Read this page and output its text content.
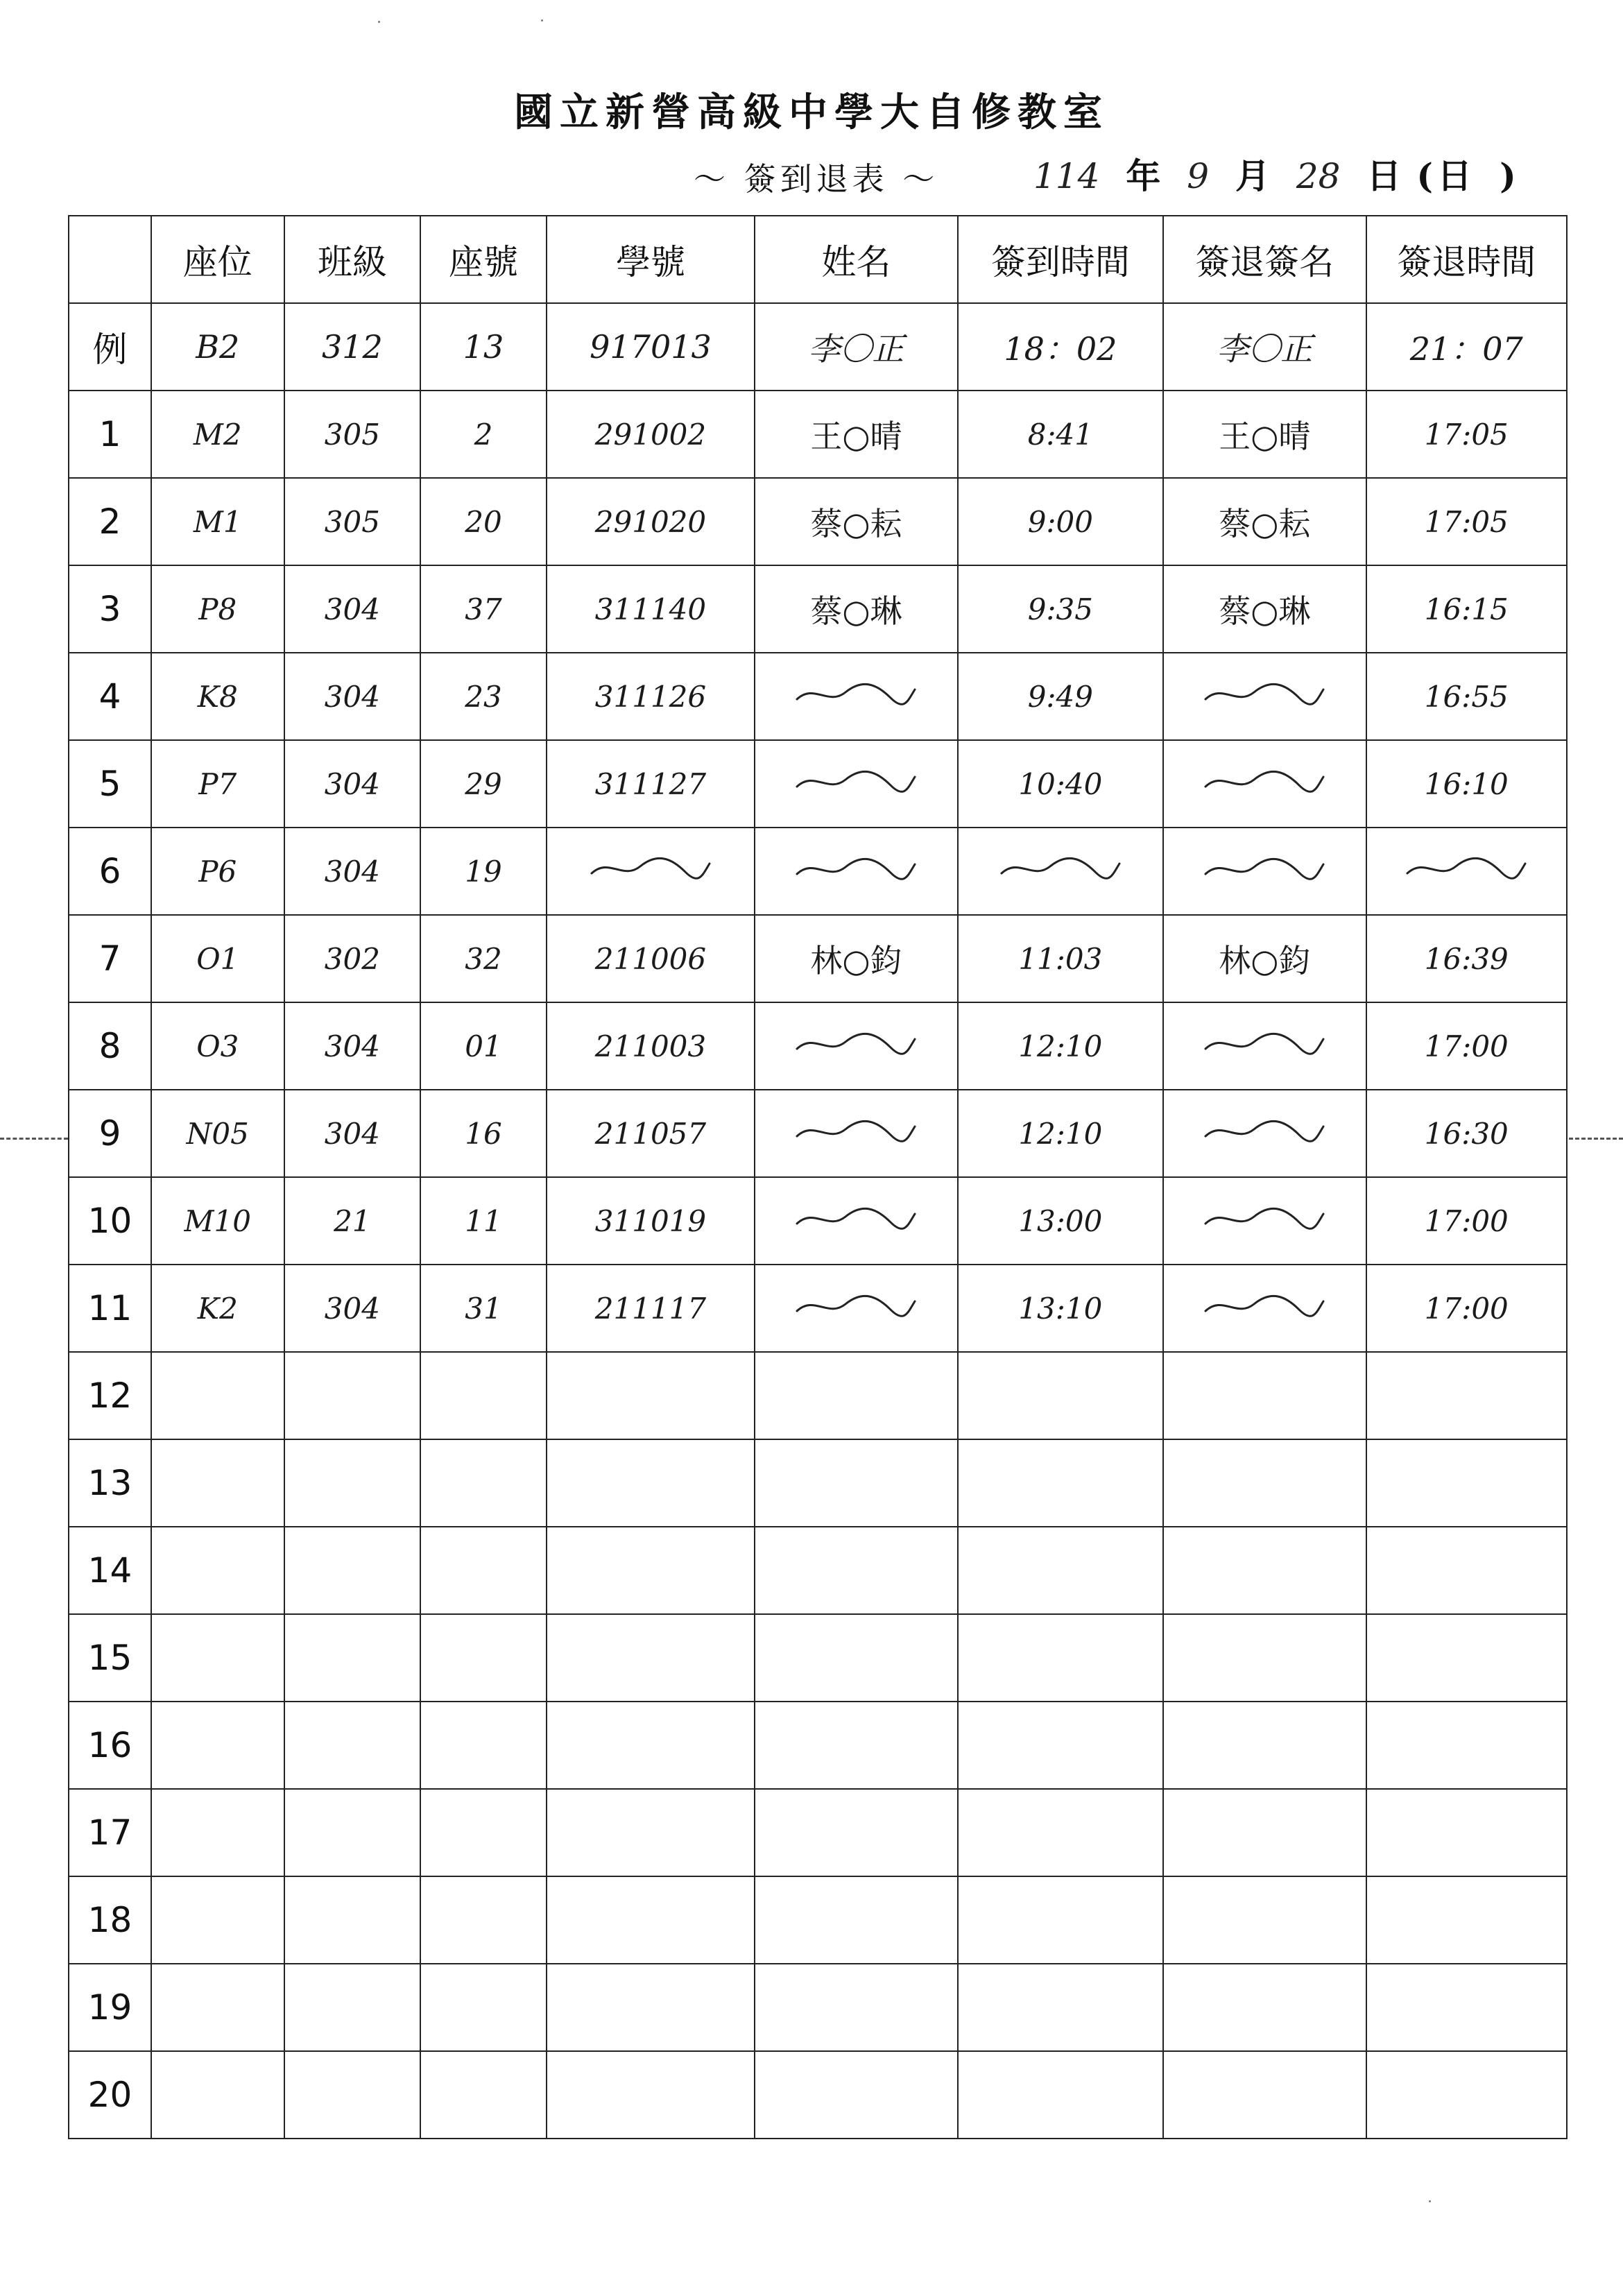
國立新營高級中學大自修教室
～ 簽到退表 ～	114 年 9 月 28 日 ( 日 )
	座位	班級	座號	學號	姓名	簽到時間	簽退簽名	簽退時間
例	B2	312	13	917013	李〇正	18：02	李〇正	21：07
1	M2	305	2	291002	王○晴	8:41	王○晴	17:05
2	M1	305	20	291020	蔡○耘	9:00	蔡○耘	17:05
3	P8	304	37	311140	蔡○琳	9:35	蔡○琳	16:15
4	K8	304	23	311126		9:49		16:55
5	P7	304	29	311127		10:40		16:10
6	P6	304	19					
7	O1	302	32	211006	林○鈞	11:03	林○鈞	16:39
8	O3	304	01	211003		12:10		17:00
9	N05	304	16	211057		12:10		16:30
10	M10	21	11	311019		13:00		17:00
11	K2	304	31	211117		13:10		17:00
12								
13								
14								
15								
16								
17								
18								
19								
20								
